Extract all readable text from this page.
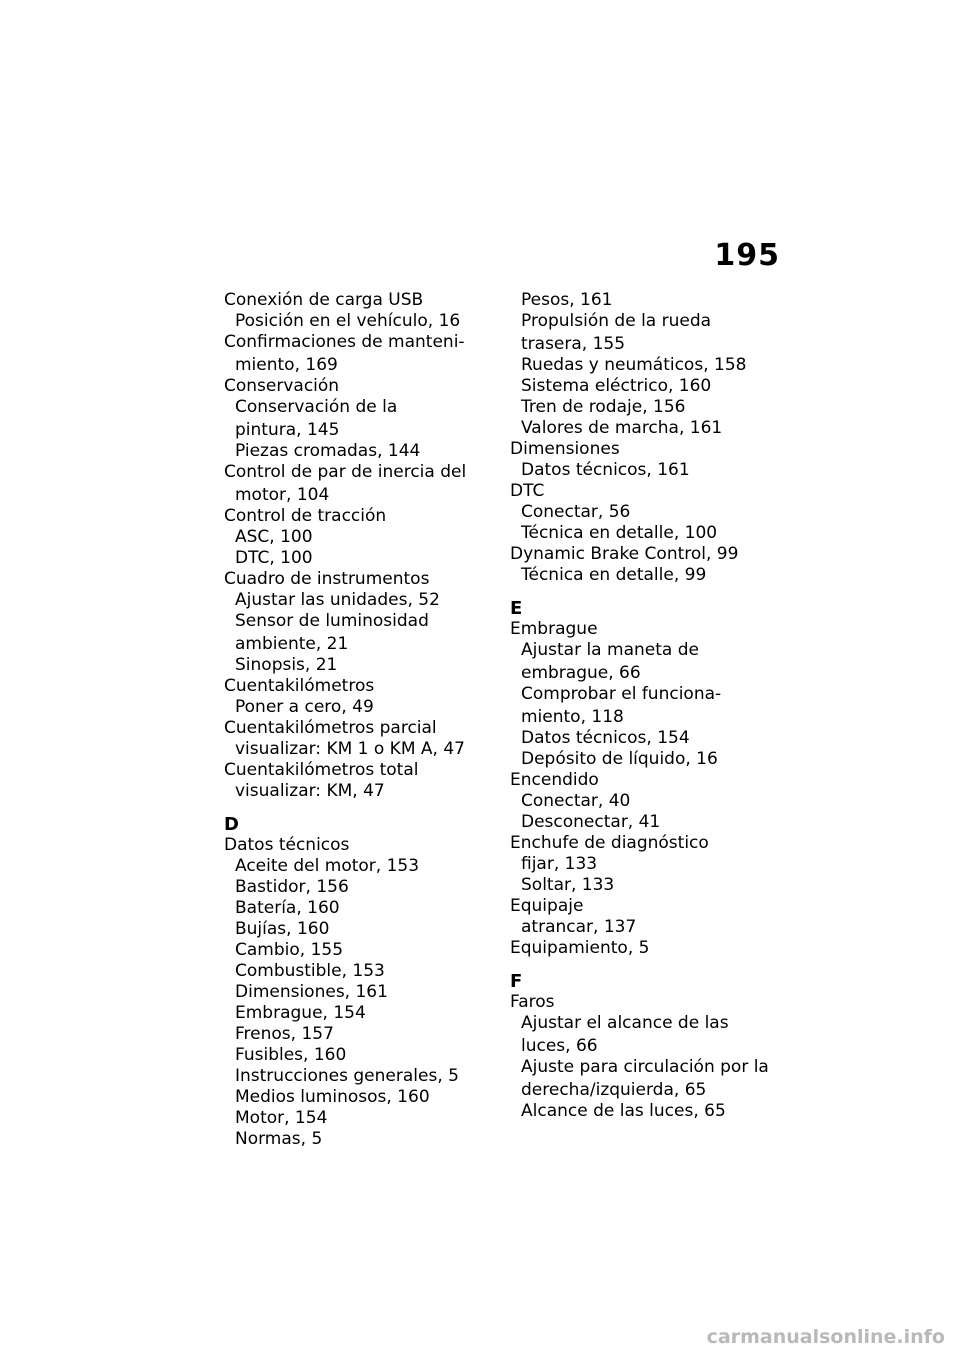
195
Conexión de carga USB
Posición en el vehículo, 16
Confirmaciones de manteni-
miento, 169
Conservación
Conservación de la
pintura, 145
Piezas cromadas, 144
Control de par de inercia del
motor, 104
Control de tracción
ASC, 100
DTC, 100
Cuadro de instrumentos
Ajustar las unidades, 52
Sensor de luminosidad
ambiente, 21
Sinopsis, 21
Cuentakilómetros
Poner a cero, 49
Cuentakilómetros parcial
visualizar: KM 1 o KM A, 47
Cuentakilómetros total
visualizar: KM, 47
D
Datos técnicos
Aceite del motor, 153
Bastidor, 156
Batería, 160
Bujías, 160
Cambio, 155
Combustible, 153
Dimensiones, 161
Embrague, 154
Frenos, 157
Fusibles, 160
Instrucciones generales, 5
Medios luminosos, 160
Motor, 154
Normas, 5
Pesos, 161
Propulsión de la rueda
trasera, 155
Ruedas y neumáticos, 158
Sistema eléctrico, 160
Tren de rodaje, 156
Valores de marcha, 161
Dimensiones
Datos técnicos, 161
DTC
Conectar, 56
Técnica en detalle, 100
Dynamic Brake Control, 99
Técnica en detalle, 99
E
Embrague
Ajustar la maneta de
embrague, 66
Comprobar el funciona-
miento, 118
Datos técnicos, 154
Depósito de líquido, 16
Encendido
Conectar, 40
Desconectar, 41
Enchufe de diagnóstico
fijar, 133
Soltar, 133
Equipaje
atrancar, 137
Equipamiento, 5
F
Faros
Ajustar el alcance de las
luces, 66
Ajuste para circulación por la
derecha/izquierda, 65
Alcance de las luces, 65
carmanualsonline.info
